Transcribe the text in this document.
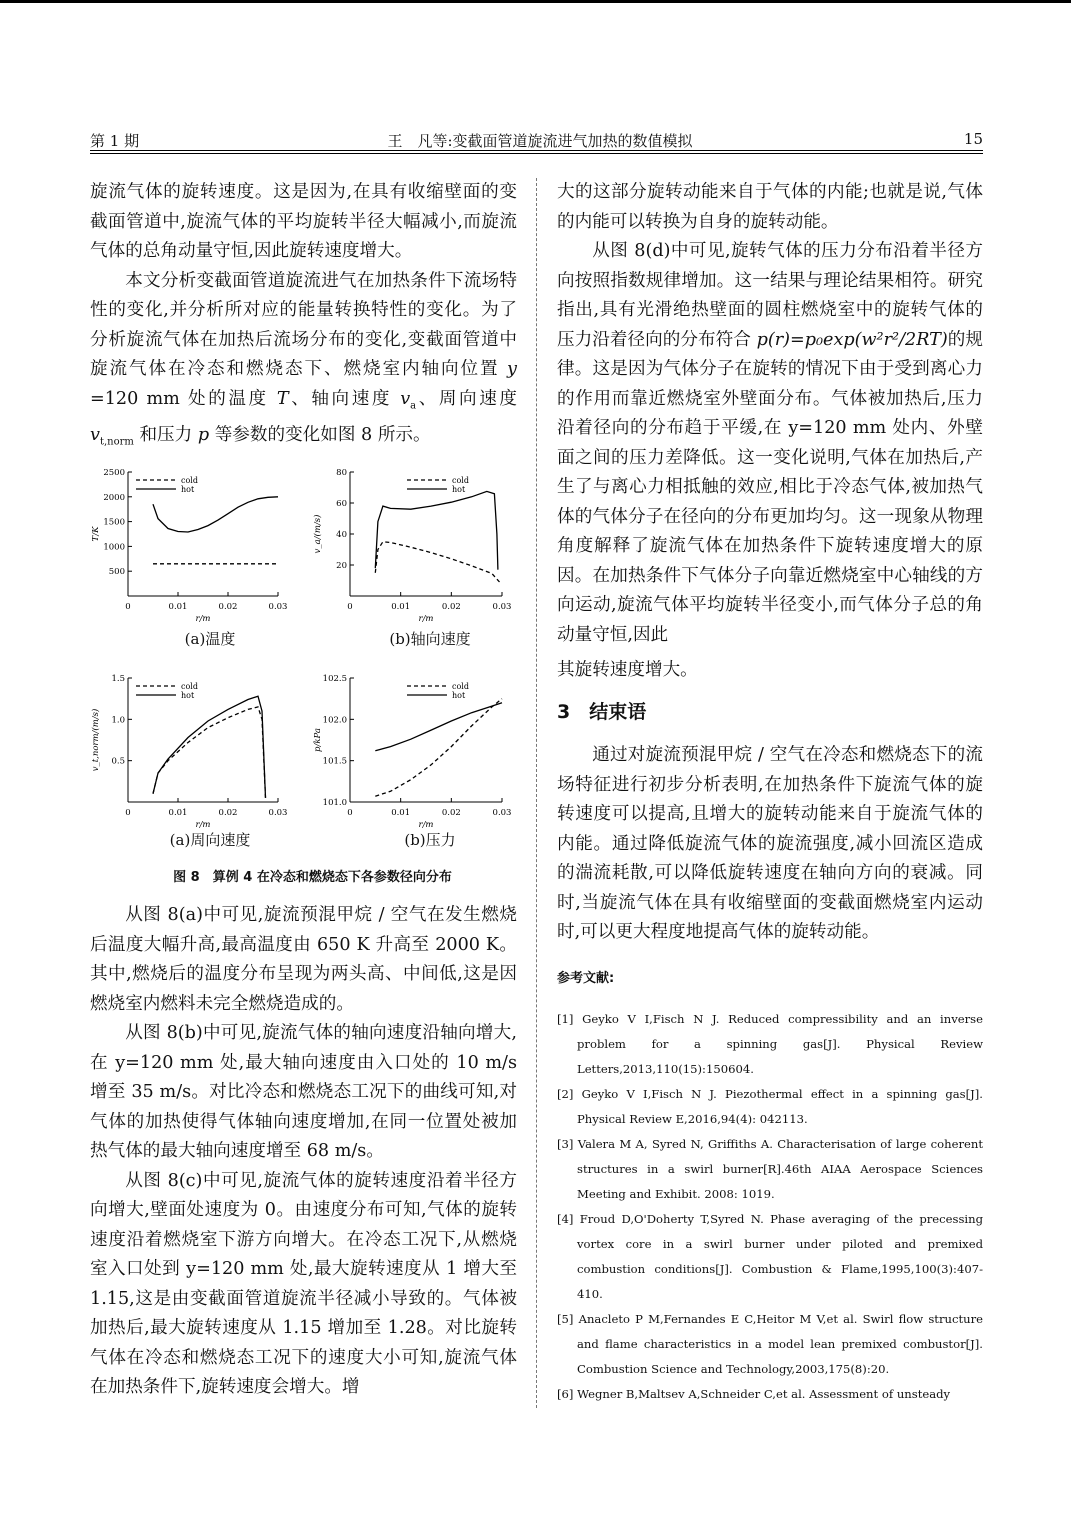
第 1 期	王　凡等:变截面管道旋流进气加热的数值模拟	15

旋流气体的旋转速度。这是因为,在具有收缩壁面的变截面管道中,旋流气体的平均旋转半径大幅减小,而旋流气体的总角动量守恒,因此旋转速度增大。

本文分析变截面管道旋流进气在加热条件下流场特性的变化,并分析所对应的能量转换特性的变化。为了分析旋流气体在加热后流场分布的变化,变截面管道中旋流气体在冷态和燃烧态下、燃烧室内轴向位置 y =120 mm 处的温度 T、轴向速度 $v_a$、周向速度 $v_{t,norm}$ 和压力 p 等参数的变化如图 8 所示。

0	0.01	0.02	0.03
500
1000
1500
2000
2500
r/m
T/K
cold
hot
0	0.01	0.02	0.03
20
40
60
80
r/m
v_a/(m/s)
cold
hot
0	0.01	0.02	0.03
0.5
1.0
1.5
r/m
v_t,norm/(m/s)
cold
hot
0	0.01	0.02	0.03
101.0
101.5
102.0
102.5
r/m
p/kPa
cold
hot
(a)温度	(b)轴向速度
(a)周向速度	(b)压力
图 8　算例 4 在冷态和燃烧态下各参数径向分布

从图 8(a)中可见,旋流预混甲烷 / 空气在发生燃烧后温度大幅升高,最高温度由 650 K 升高至 2000 K。其中,燃烧后的温度分布呈现为两头高、中间低,这是因燃烧室内燃料未完全燃烧造成的。

从图 8(b)中可见,旋流气体的轴向速度沿轴向增大,在 y=120 mm 处,最大轴向速度由入口处的 10 m/s 增至 35 m/s。对比冷态和燃烧态工况下的曲线可知,对气体的加热使得气体轴向速度增加,在同一位置处被加热气体的最大轴向速度增至 68 m/s。

从图 8(c)中可见,旋流气体的旋转速度沿着半径方向增大,壁面处速度为 0。由速度分布可知,气体的旋转速度沿着燃烧室下游方向增大。在冷态工况下,从燃烧室入口处到 y=120 mm 处,最大旋转速度从 1 增大至 1.15,这是由变截面管道旋流半径减小导致的。气体被加热后,最大旋转速度从 1.15 增加至 1.28。对比旋转气体在冷态和燃烧态工况下的速度大小可知,旋流气体在加热条件下,旋转速度会增大。增

大的这部分旋转动能来自于气体的内能;也就是说,气体的内能可以转换为自身的旋转动能。

从图 8(d)中可见,旋转气体的压力分布沿着半径方向按照指数规律增加。这一结果与理论结果相符。研究指出,具有光滑绝热壁面的圆柱燃烧室中的旋转气体的压力沿着径向的分布符合 p(r)=p₀exp(w²r²/2RT)的规律。这是因为气体分子在旋转的情况下由于受到离心力的作用而靠近燃烧室外壁面分布。气体被加热后,压力沿着径向的分布趋于平缓,在 y=120 mm 处内、外壁面之间的压力差降低。这一变化说明,气体在加热后,产生了与离心力相抵触的效应,相比于冷态气体,被加热气体的气体分子在径向的分布更加均匀。这一现象从物理角度解释了旋流气体在加热条件下旋转速度增大的原因。在加热条件下气体分子向靠近燃烧室中心轴线的方向运动,旋流气体平均旋转半径变小,而气体分子总的角动量守恒,因此

其旋转速度增大。

3　结束语

通过对旋流预混甲烷 / 空气在冷态和燃烧态下的流场特征进行初步分析表明,在加热条件下旋流气体的旋转速度可以提高,且增大的旋转动能来自于旋流气体的内能。通过降低旋流气体的旋流强度,减小回流区造成的湍流耗散,可以降低旋转速度在轴向方向的衰减。同时,当旋流气体在具有收缩壁面的变截面燃烧室内运动时,可以更大程度地提高气体的旋转动能。

参考文献:
[1] Geyko V I,Fisch N J. Reduced compressibility and an inverse problem for a spinning gas[J]. Physical Review Letters,2013,110(15):150604.
[2] Geyko V I,Fisch N J. Piezothermal effect in a spinning gas[J]. Physical Review E,2016,94(4): 042113.
[3] Valera M A, Syred N, Griffiths A. Characterisation of large coherent structures in a swirl burner[R].46th AIAA Aerospace Sciences Meeting and Exhibit. 2008: 1019.
[4] Froud D,O'Doherty T,Syred N. Phase averaging of the precessing vortex core in a swirl burner under piloted and premixed combustion conditions[J]. Combustion & Flame,1995,100(3):407-410.
[5] Anacleto P M,Fernandes E C,Heitor M V,et al. Swirl flow structure and flame characteristics in a model lean premixed combustor[J]. Combustion Science and Technology,2003,175(8):20.
[6] Wegner B,Maltsev A,Schneider C,et al. Assessment of unsteady
